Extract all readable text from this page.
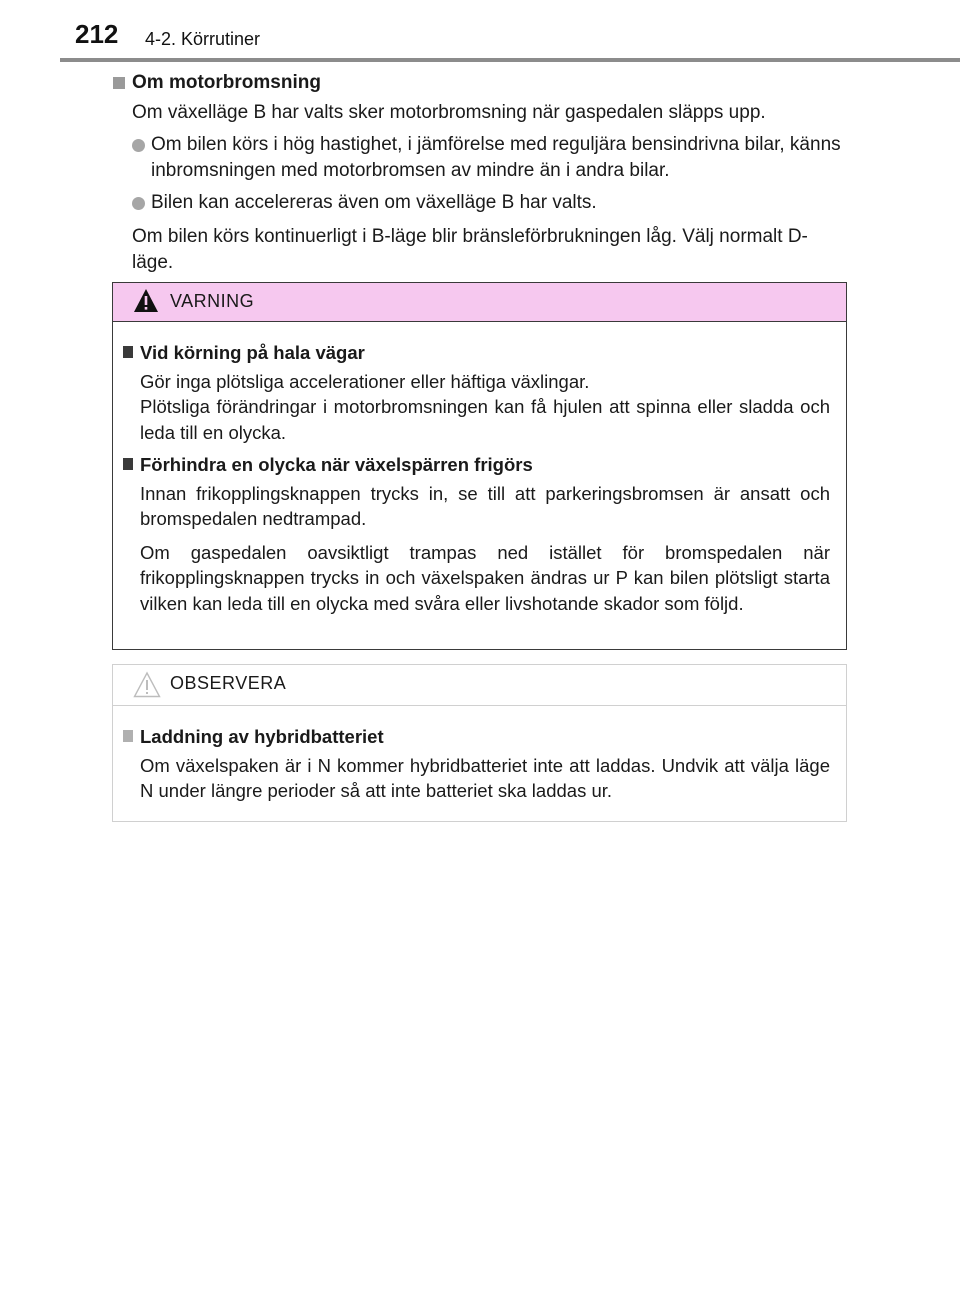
212 4-2. Körrutiner

Om motorbromsning

Om växelläge B har valts sker motorbromsning när gaspedalen släpps upp.

Om bilen körs i hög hastighet, i jämförelse med reguljära bensindrivna bilar, känns inbromsningen med motorbromsen av mindre än i andra bilar.

Bilen kan accelereras även om växelläge B har valts.

Om bilen körs kontinuerligt i B-läge blir bränsleförbrukningen låg. Välj normalt D-läge.

VARNING

Vid körning på hala vägar

Gör inga plötsliga accelerationer eller häftiga växlingar.
Plötsliga förändringar i motorbromsningen kan få hjulen att spinna eller sladda och leda till en olycka.

Förhindra en olycka när växelspärren frigörs

Innan frikopplingsknappen trycks in, se till att parkeringsbromsen är ansatt och bromspedalen nedtrampad.

Om gaspedalen oavsiktligt trampas ned istället för bromspedalen när frikopplingsknappen trycks in och växelspaken ändras ur P kan bilen plötsligt starta vilken kan leda till en olycka med svåra eller livshotande skador som följd.

OBSERVERA

Laddning av hybridbatteriet

Om växelspaken är i N kommer hybridbatteriet inte att laddas. Undvik att välja läge N under längre perioder så att inte batteriet ska laddas ur.
